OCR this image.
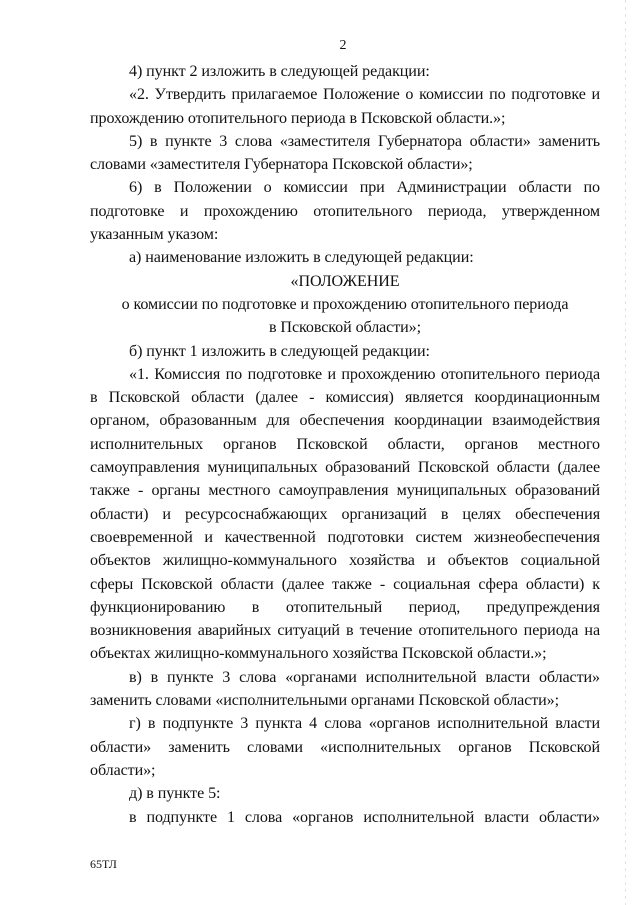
2

4) пункт 2 изложить в следующей редакции:

«2. Утвердить прилагаемое Положение о комиссии по подготовке и прохождению отопительного периода в Псковской области.»;

5) в пункте 3 слова «заместителя Губернатора области» заменить словами «заместителя Губернатора Псковской области»;

6) в Положении о комиссии при Администрации области по подготовке и прохождению отопительного периода, утвержденном указанным указом:

а) наименование изложить в следующей редакции:

«ПОЛОЖЕНИЕ

о комиссии по подготовке и прохождению отопительного периода

в Псковской области»;

б) пункт 1 изложить в следующей редакции:

«1. Комиссия по подготовке и прохождению отопительного периода в Псковской области (далее - комиссия) является координационным органом, образованным для обеспечения координации взаимодействия исполнительных органов Псковской области, органов местного самоуправления муниципальных образований Псковской области (далее также - органы местного самоуправления муниципальных образований области) и ресурсоснабжающих организаций в целях обеспечения своевременной и качественной подготовки систем жизнеобеспечения объектов жилищно-коммунального хозяйства и объектов социальной сферы Псковской области (далее также - социальная сфера области) к функционированию в отопительный период, предупреждения возникновения аварийных ситуаций в течение отопительного периода на объектах жилищно-коммунального хозяйства Псковской области.»;

в) в пункте 3 слова «органами исполнительной власти области» заменить словами «исполнительными органами Псковской области»;

г) в подпункте 3 пункта 4 слова «органов исполнительной власти области» заменить словами «исполнительных органов Псковской области»;

д) в пункте 5:

в подпункте 1 слова «органов исполнительной власти области»

65ТЛ
